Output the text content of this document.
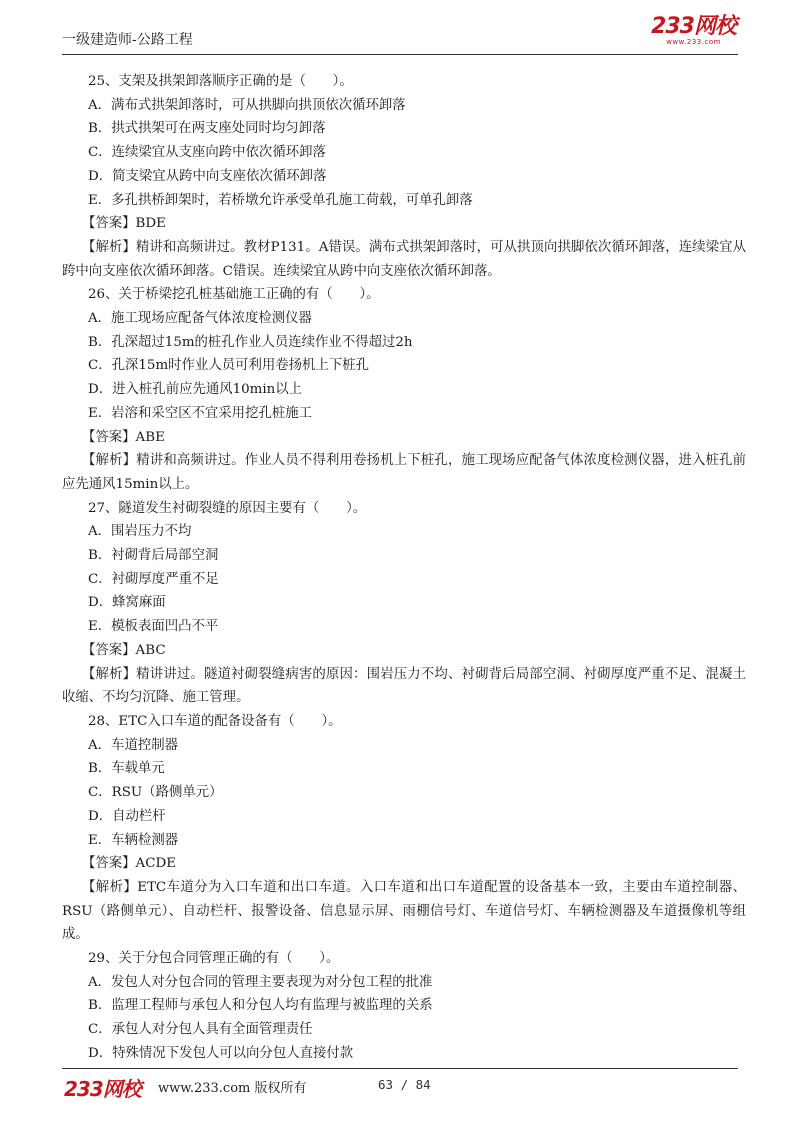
一级建造师-公路工程
233网校
www.233.com
25、支架及拱架卸落顺序正确的是（　　）。
A．满布式拱架卸落时，可从拱脚向拱顶依次循环卸落
B．拱式拱架可在两支座处同时均匀卸落
C．连续梁宜从支座向跨中依次循环卸落
D．简支梁宜从跨中向支座依次循环卸落
E．多孔拱桥卸架时，若桥墩允许承受单孔施工荷载，可单孔卸落
【答案】BDE
【解析】精讲和高频讲过。教材P131。A错误。满布式拱架卸落时，可从拱顶向拱脚依次循环卸落，连续梁宜从跨中向支座依次循环卸落。C错误。连续梁宜从跨中向支座依次循环卸落。
26、关于桥梁挖孔桩基础施工正确的有（　　）。
A．施工现场应配备气体浓度检测仪器
B．孔深超过15m的桩孔作业人员连续作业不得超过2h
C．孔深15m时作业人员可利用卷扬机上下桩孔
D．进入桩孔前应先通风10min以上
E．岩溶和采空区不宜采用挖孔桩施工
【答案】ABE
【解析】精讲和高频讲过。作业人员不得利用卷扬机上下桩孔，施工现场应配备气体浓度检测仪器，进入桩孔前应先通风15min以上。
27、隧道发生衬砌裂缝的原因主要有（　　）。
A．围岩压力不均
B．衬砌背后局部空洞
C．衬砌厚度严重不足
D．蜂窝麻面
E．模板表面凹凸不平
【答案】ABC
【解析】精讲讲过。隧道衬砌裂缝病害的原因：围岩压力不均、衬砌背后局部空洞、衬砌厚度严重不足、混凝土收缩、不均匀沉降、施工管理。
28、ETC入口车道的配备设备有（　　）。
A．车道控制器
B．车载单元
C．RSU（路侧单元）
D．自动栏杆
E．车辆检测器
【答案】ACDE
【解析】ETC车道分为入口车道和出口车道。入口车道和出口车道配置的设备基本一致，主要由车道控制器、RSU（路侧单元）、自动栏杆、报警设备、信息显示屏、雨棚信号灯、车道信号灯、车辆检测器及车道摄像机等组成。
29、关于分包合同管理正确的有（　　）。
A．发包人对分包合同的管理主要表现为对分包工程的批准
B．监理工程师与承包人和分包人均有监理与被监理的关系
C．承包人对分包人具有全面管理责任
D．特殊情况下发包人可以向分包人直接付款
233网校 www.233.com 版权所有	63 / 84
